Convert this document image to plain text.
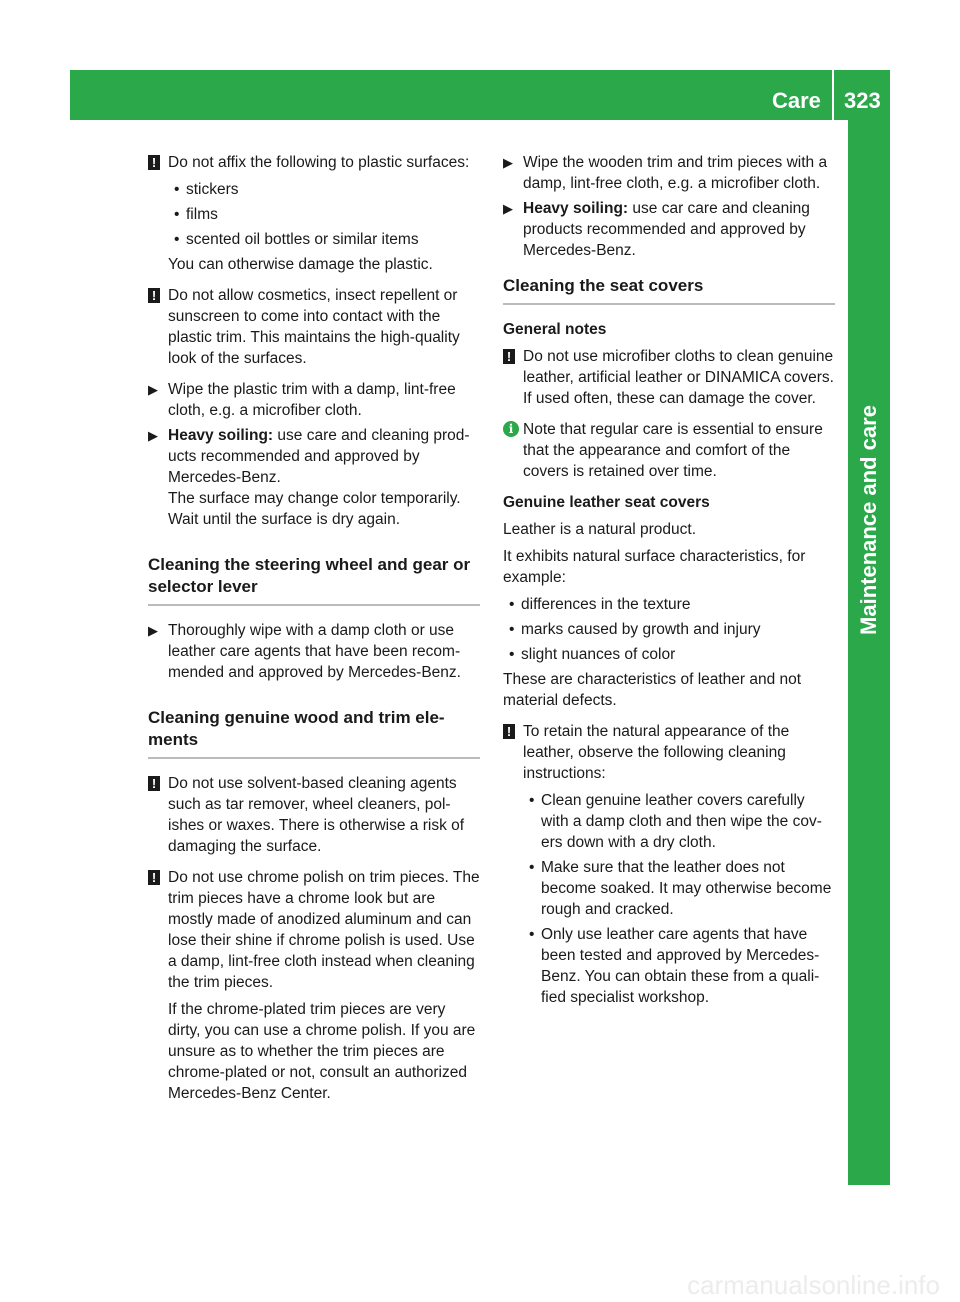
Care 323
Maintenance and care
! Do not affix the following to plastic surfaces:
• stickers
• films
• scented oil bottles or similar items
You can otherwise damage the plastic.
! Do not allow cosmetics, insect repellent or sunscreen to come into contact with the plastic trim. This maintains the high-quality look of the surfaces.
▶ Wipe the plastic trim with a damp, lint-free cloth, e.g. a microfiber cloth.
▶ Heavy soiling: use care and cleaning products recommended and approved by Mercedes-Benz.
The surface may change color temporarily. Wait until the surface is dry again.
Cleaning the steering wheel and gear or selector lever
▶ Thoroughly wipe with a damp cloth or use leather care agents that have been recommended and approved by Mercedes-Benz.
Cleaning genuine wood and trim elements
! Do not use solvent-based cleaning agents such as tar remover, wheel cleaners, polishes or waxes. There is otherwise a risk of damaging the surface.
! Do not use chrome polish on trim pieces. The trim pieces have a chrome look but are mostly made of anodized aluminum and can lose their shine if chrome polish is used. Use a damp, lint-free cloth instead when cleaning the trim pieces.
If the chrome-plated trim pieces are very dirty, you can use a chrome polish. If you are unsure as to whether the trim pieces are chrome-plated or not, consult an authorized Mercedes-Benz Center.
▶ Wipe the wooden trim and trim pieces with a damp, lint-free cloth, e.g. a microfiber cloth.
▶ Heavy soiling: use car care and cleaning products recommended and approved by Mercedes-Benz.
Cleaning the seat covers
General notes
! Do not use microfiber cloths to clean genuine leather, artificial leather or DINAMICA covers. If used often, these can damage the cover.
i Note that regular care is essential to ensure that the appearance and comfort of the covers is retained over time.
Genuine leather seat covers
Leather is a natural product.
It exhibits natural surface characteristics, for example:
• differences in the texture
• marks caused by growth and injury
• slight nuances of color
These are characteristics of leather and not material defects.
! To retain the natural appearance of the leather, observe the following cleaning instructions:
• Clean genuine leather covers carefully with a damp cloth and then wipe the covers down with a dry cloth.
• Make sure that the leather does not become soaked. It may otherwise become rough and cracked.
• Only use leather care agents that have been tested and approved by Mercedes-Benz. You can obtain these from a qualified specialist workshop.
carmanualsonline.info
